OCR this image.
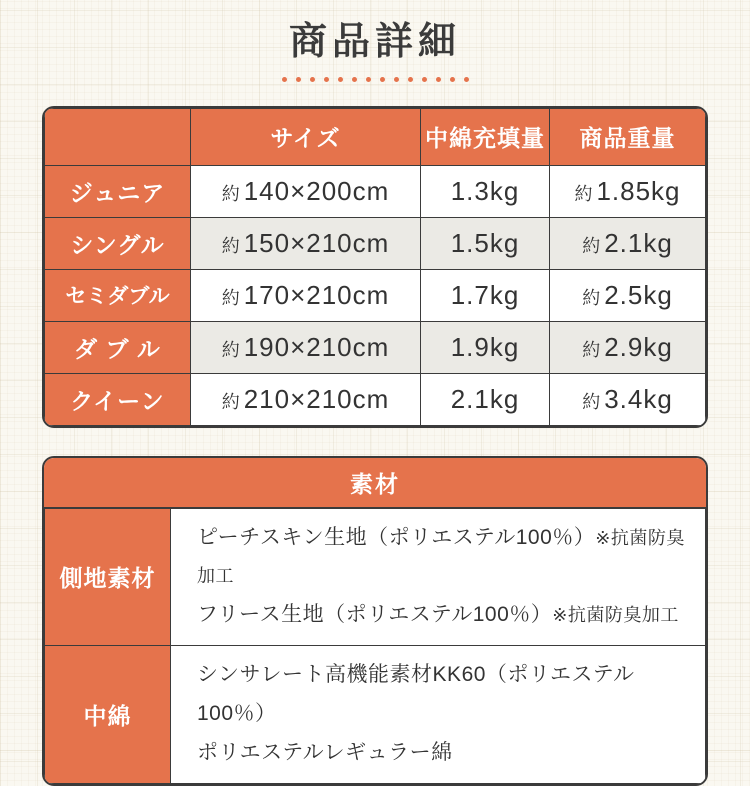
商品詳細
	サイズ	中綿充填量	商品重量
ジュニア	約 140×200cm	1.3kg	約 1.85kg
シングル	約 150×210cm	1.5kg	約 2.1kg
セミダブル	約 170×210cm	1.7kg	約 2.5kg
ダ ブ ル	約 190×210cm	1.9kg	約 2.9kg
クイーン	約 210×210cm	2.1kg	約 3.4kg
素材
側地素材	ピーチスキン生地（ポリエステル100％）※抗菌防臭加工
フリース生地（ポリエステル100％）※抗菌防臭加工

中綿	シンサレート高機能素材KK60（ポリエステル100％）
ポリエステルレギュラー綿
